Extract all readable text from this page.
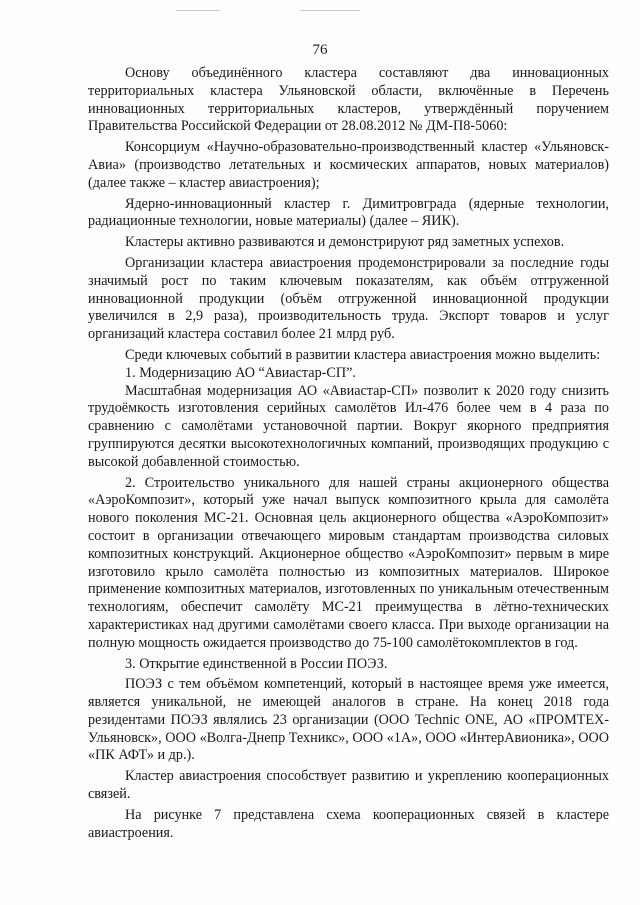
76

Основу объединённого кластера составляют два инновационных территориальных кластера Ульяновской области, включённые в Перечень инновационных территориальных кластеров, утверждённый поручением Правительства Российской Федерации от 28.08.2012 № ДМ-П8-5060:

Консорциум «Научно-образовательно-производственный кластер «Ульяновск-Авиа» (производство летательных и космических аппаратов, новых материалов) (далее также – кластер авиастроения);

Ядерно-инновационный кластер г. Димитровграда (ядерные технологии, радиационные технологии, новые материалы) (далее – ЯИК).

Кластеры активно развиваются и демонстрируют ряд заметных успехов.

Организации кластера авиастроения продемонстрировали за последние годы значимый рост по таким ключевым показателям, как объём отгруженной инновационной продукции (объём отгруженной инновационной продукции увеличился в 2,9 раза), производительность труда. Экспорт товаров и услуг организаций кластера составил более 21 млрд руб.

Среди ключевых событий в развитии кластера авиастроения можно выделить:

1. Модернизацию АО “Авиастар-СП”.

Масштабная модернизация АО «Авиастар-СП» позволит к 2020 году снизить трудоёмкость изготовления серийных самолётов Ил-476 более чем в 4 раза по сравнению с самолётами установочной партии. Вокруг якорного предприятия группируются десятки высокотехнологичных компаний, производящих продукцию с высокой добавленной стоимостью.

2. Строительство уникального для нашей страны акционерного общества «АэроКомпозит», который уже начал выпуск композитного крыла для самолёта нового поколения МС-21. Основная цель акционерного общества «АэроКомпозит» состоит в организации отвечающего мировым стандартам производства силовых композитных конструкций. Акционерное общество «АэроКомпозит» первым в мире изготовило крыло самолёта полностью из композитных материалов. Широкое применение композитных материалов, изготовленных по уникальным отечественным технологиям, обеспечит самолёту МС-21 преимущества в лётно-технических характеристиках над другими самолётами своего класса. При выходе организации на полную мощность ожидается производство до 75-100 самолётокомплектов в год.

3. Открытие единственной в России ПОЭЗ.

ПОЭЗ с тем объёмом компетенций, который в настоящее время уже имеется, является уникальной, не имеющей аналогов в стране. На конец 2018 года резидентами ПОЭЗ являлись 23 организации (ООО Technic ONE, АО «ПРОМТЕХ-Ульяновск», ООО «Волга-Днепр Техникс», ООО «1А», ООО «ИнтерАвионика», ООО «ПК АФТ» и др.).

Кластер авиастроения способствует развитию и укреплению кооперационных связей.

На рисунке 7 представлена схема кооперационных связей в кластере авиастроения.
